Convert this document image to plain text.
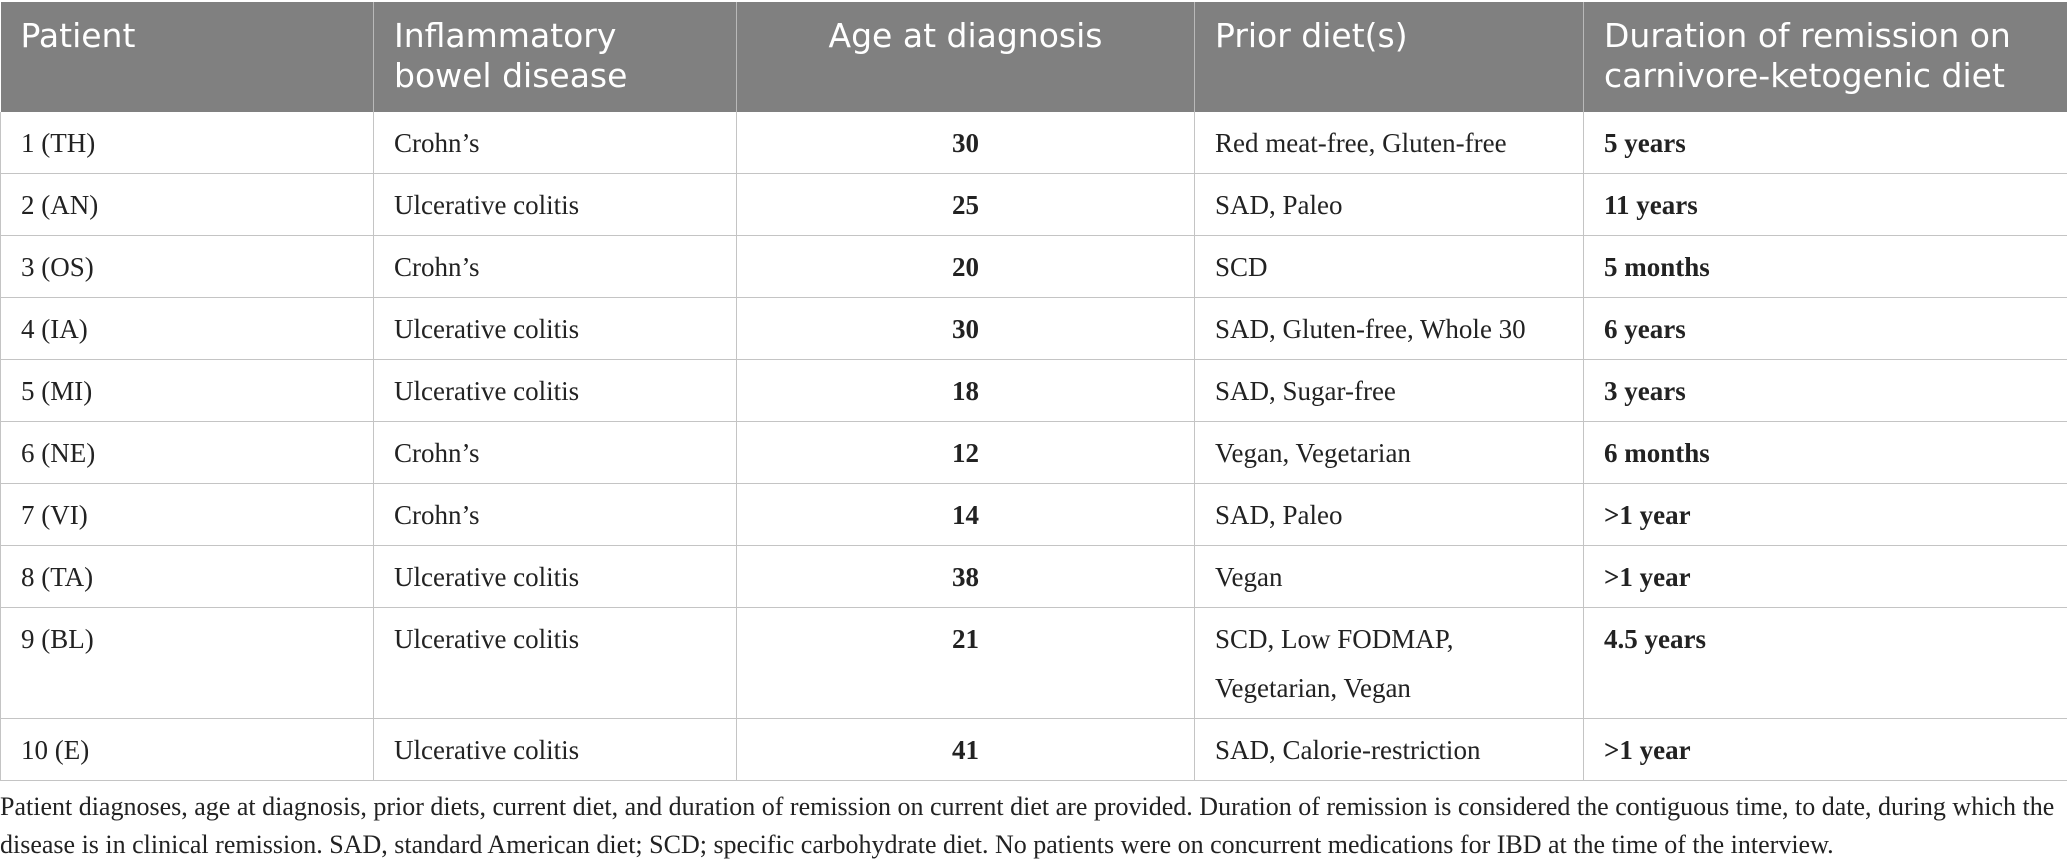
Patient	Inflammatory bowel disease	Age at diagnosis	Prior diet(s)	Duration of remission on carnivore-ketogenic diet
1 (TH)	Crohn’s	30	Red meat-free, Gluten-free	5 years
2 (AN)	Ulcerative colitis	25	SAD, Paleo	11 years
3 (OS)	Crohn’s	20	SCD	5 months
4 (IA)	Ulcerative colitis	30	SAD, Gluten-free, Whole 30	6 years
5 (MI)	Ulcerative colitis	18	SAD, Sugar-free	3 years
6 (NE)	Crohn’s	12	Vegan, Vegetarian	6 months
7 (VI)	Crohn’s	14	SAD, Paleo	>1 year
8 (TA)	Ulcerative colitis	38	Vegan	>1 year
9 (BL)	Ulcerative colitis	21	SCD, Low FODMAP, Vegetarian, Vegan	4.5 years
10 (E)	Ulcerative colitis	41	SAD, Calorie-restriction	>1 year

Patient diagnoses, age at diagnosis, prior diets, current diet, and duration of remission on current diet are provided. Duration of remission is considered the contiguous time, to date, during which the disease is in clinical remission. SAD, standard American diet; SCD; specific carbohydrate diet. No patients were on concurrent medications for IBD at the time of the interview.
